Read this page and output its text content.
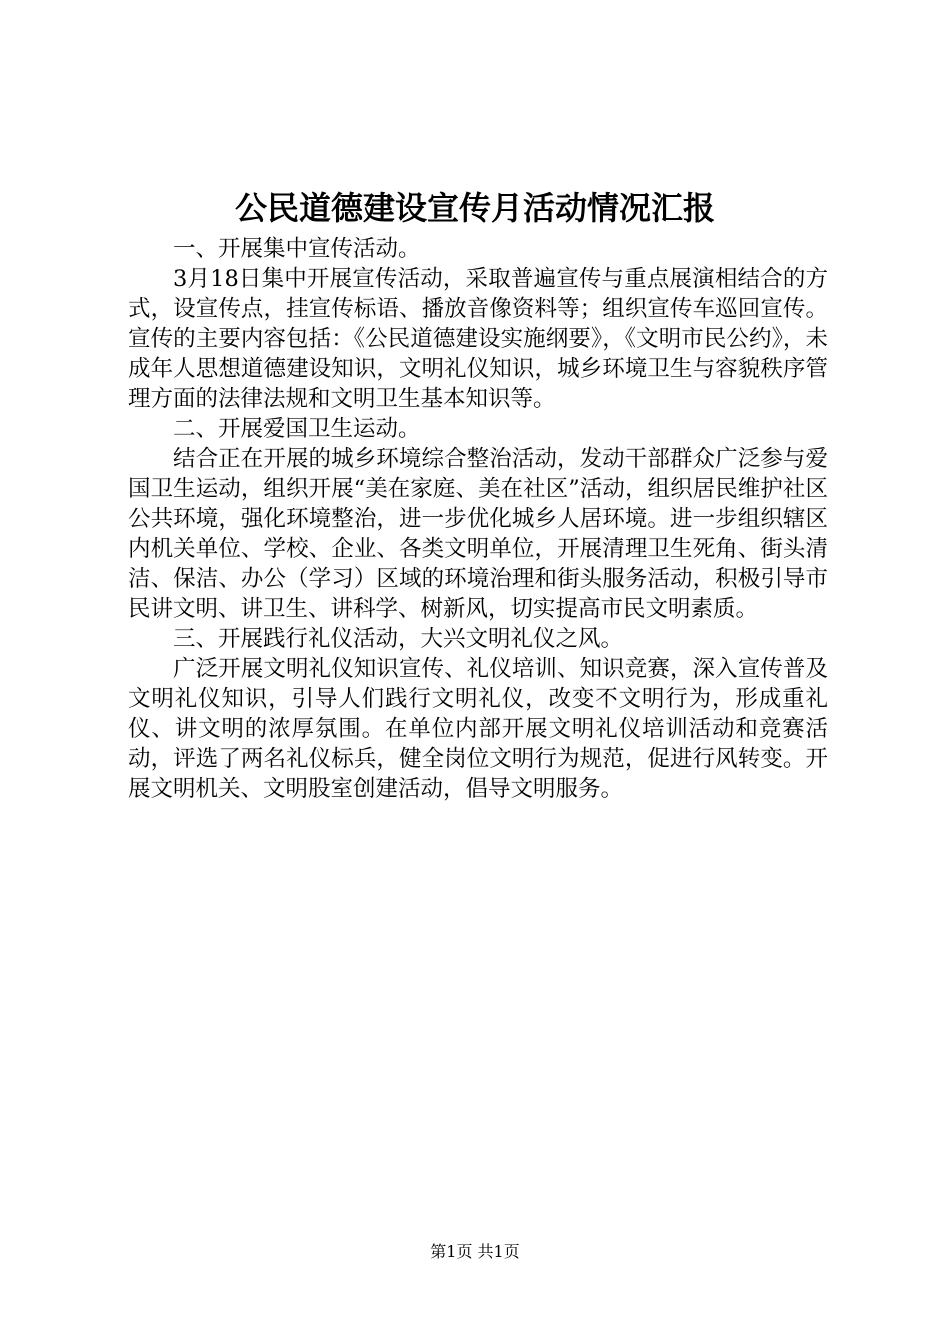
公民道德建设宣传月活动情况汇报

一、开展集中宣传活动。

3月18日集中开展宣传活动，采取普遍宣传与重点展演相结合的方式，设宣传点，挂宣传标语、播放音像资料等；组织宣传车巡回宣传。宣传的主要内容包括：《公民道德建设实施纲要》，《文明市民公约》，未成年人思想道德建设知识，文明礼仪知识，城乡环境卫生与容貌秩序管理方面的法律法规和文明卫生基本知识等。

二、开展爱国卫生运动。

结合正在开展的城乡环境综合整治活动，发动干部群众广泛参与爱国卫生运动，组织开展“美在家庭、美在社区”活动，组织居民维护社区公共环境，强化环境整治，进一步优化城乡人居环境。进一步组织辖区内机关单位、学校、企业、各类文明单位，开展清理卫生死角、街头清洁、保洁、办公（学习）区域的环境治理和街头服务活动，积极引导市民讲文明、讲卫生、讲科学、树新风，切实提高市民文明素质。

三、开展践行礼仪活动，大兴文明礼仪之风。

广泛开展文明礼仪知识宣传、礼仪培训、知识竞赛，深入宣传普及文明礼仪知识，引导人们践行文明礼仪，改变不文明行为，形成重礼仪、讲文明的浓厚氛围。在单位内部开展文明礼仪培训活动和竞赛活动，评选了两名礼仪标兵，健全岗位文明行为规范，促进行风转变。开展文明机关、文明股室创建活动，倡导文明服务。

第1页 共1页
